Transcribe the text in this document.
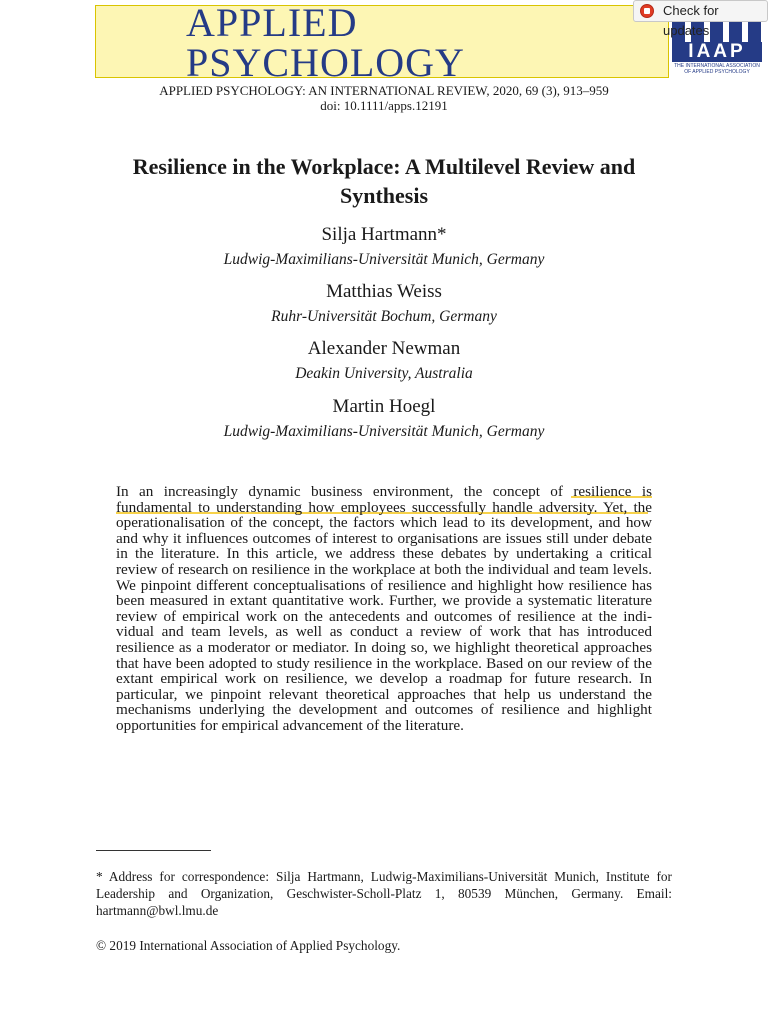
APPLIED
PSYCHOLOGY	IAAP
THE INTERNATIONAL ASSOCIATION OF APPLIED PSYCHOLOGY
Check for updates
APPLIED PSYCHOLOGY: AN INTERNATIONAL REVIEW, 2020, 69 (3), 913–959
doi: 10.1111/apps.12191
Resilience in the Workplace: A Multilevel Review and Synthesis
Silja Hartmann*
Ludwig-Maximilians-Universität Munich, Germany
Matthias Weiss
Ruhr-Universität Bochum, Germany
Alexander Newman
Deakin University, Australia
Martin Hoegl
Ludwig-Maximilians-Universität Munich, Germany
In an increasingly dynamic business environment, the concept of resilience is fundamental to understanding how employees successfully handle adversity. Yet, the operationalisation of the concept, the factors which lead to its development, and how and why it influences outcomes of interest to organisations are issues still under debate in the literature. In this article, we address these debates by undertaking a critical review of research on resilience in the workplace at both the individual and team levels. We pinpoint different conceptualisations of resilience and highlight how resilience has been measured in extant quantitative work. Further, we provide a systematic literature review of empirical work on the antecedents and outcomes of resilience at the individual and team levels, as well as conduct a review of work that has introduced resilience as a moderator or mediator. In doing so, we highlight theoretical approaches that have been adopted to study resilience in the workplace. Based on our review of the extant empirical work on resilience, we develop a roadmap for future research. In particular, we pinpoint relevant theoretical approaches that help us understand the mechanisms underlying the development and outcomes of resilience and highlight opportunities for empirical advancement of the literature.
* Address for correspondence: Silja Hartmann, Ludwig-Maximilians-Universität Munich, Institute for Leadership and Organization, Geschwister-Scholl-Platz 1, 80539 München, Germany. Email: hartmann@bwl.lmu.de
© 2019 International Association of Applied Psychology.
